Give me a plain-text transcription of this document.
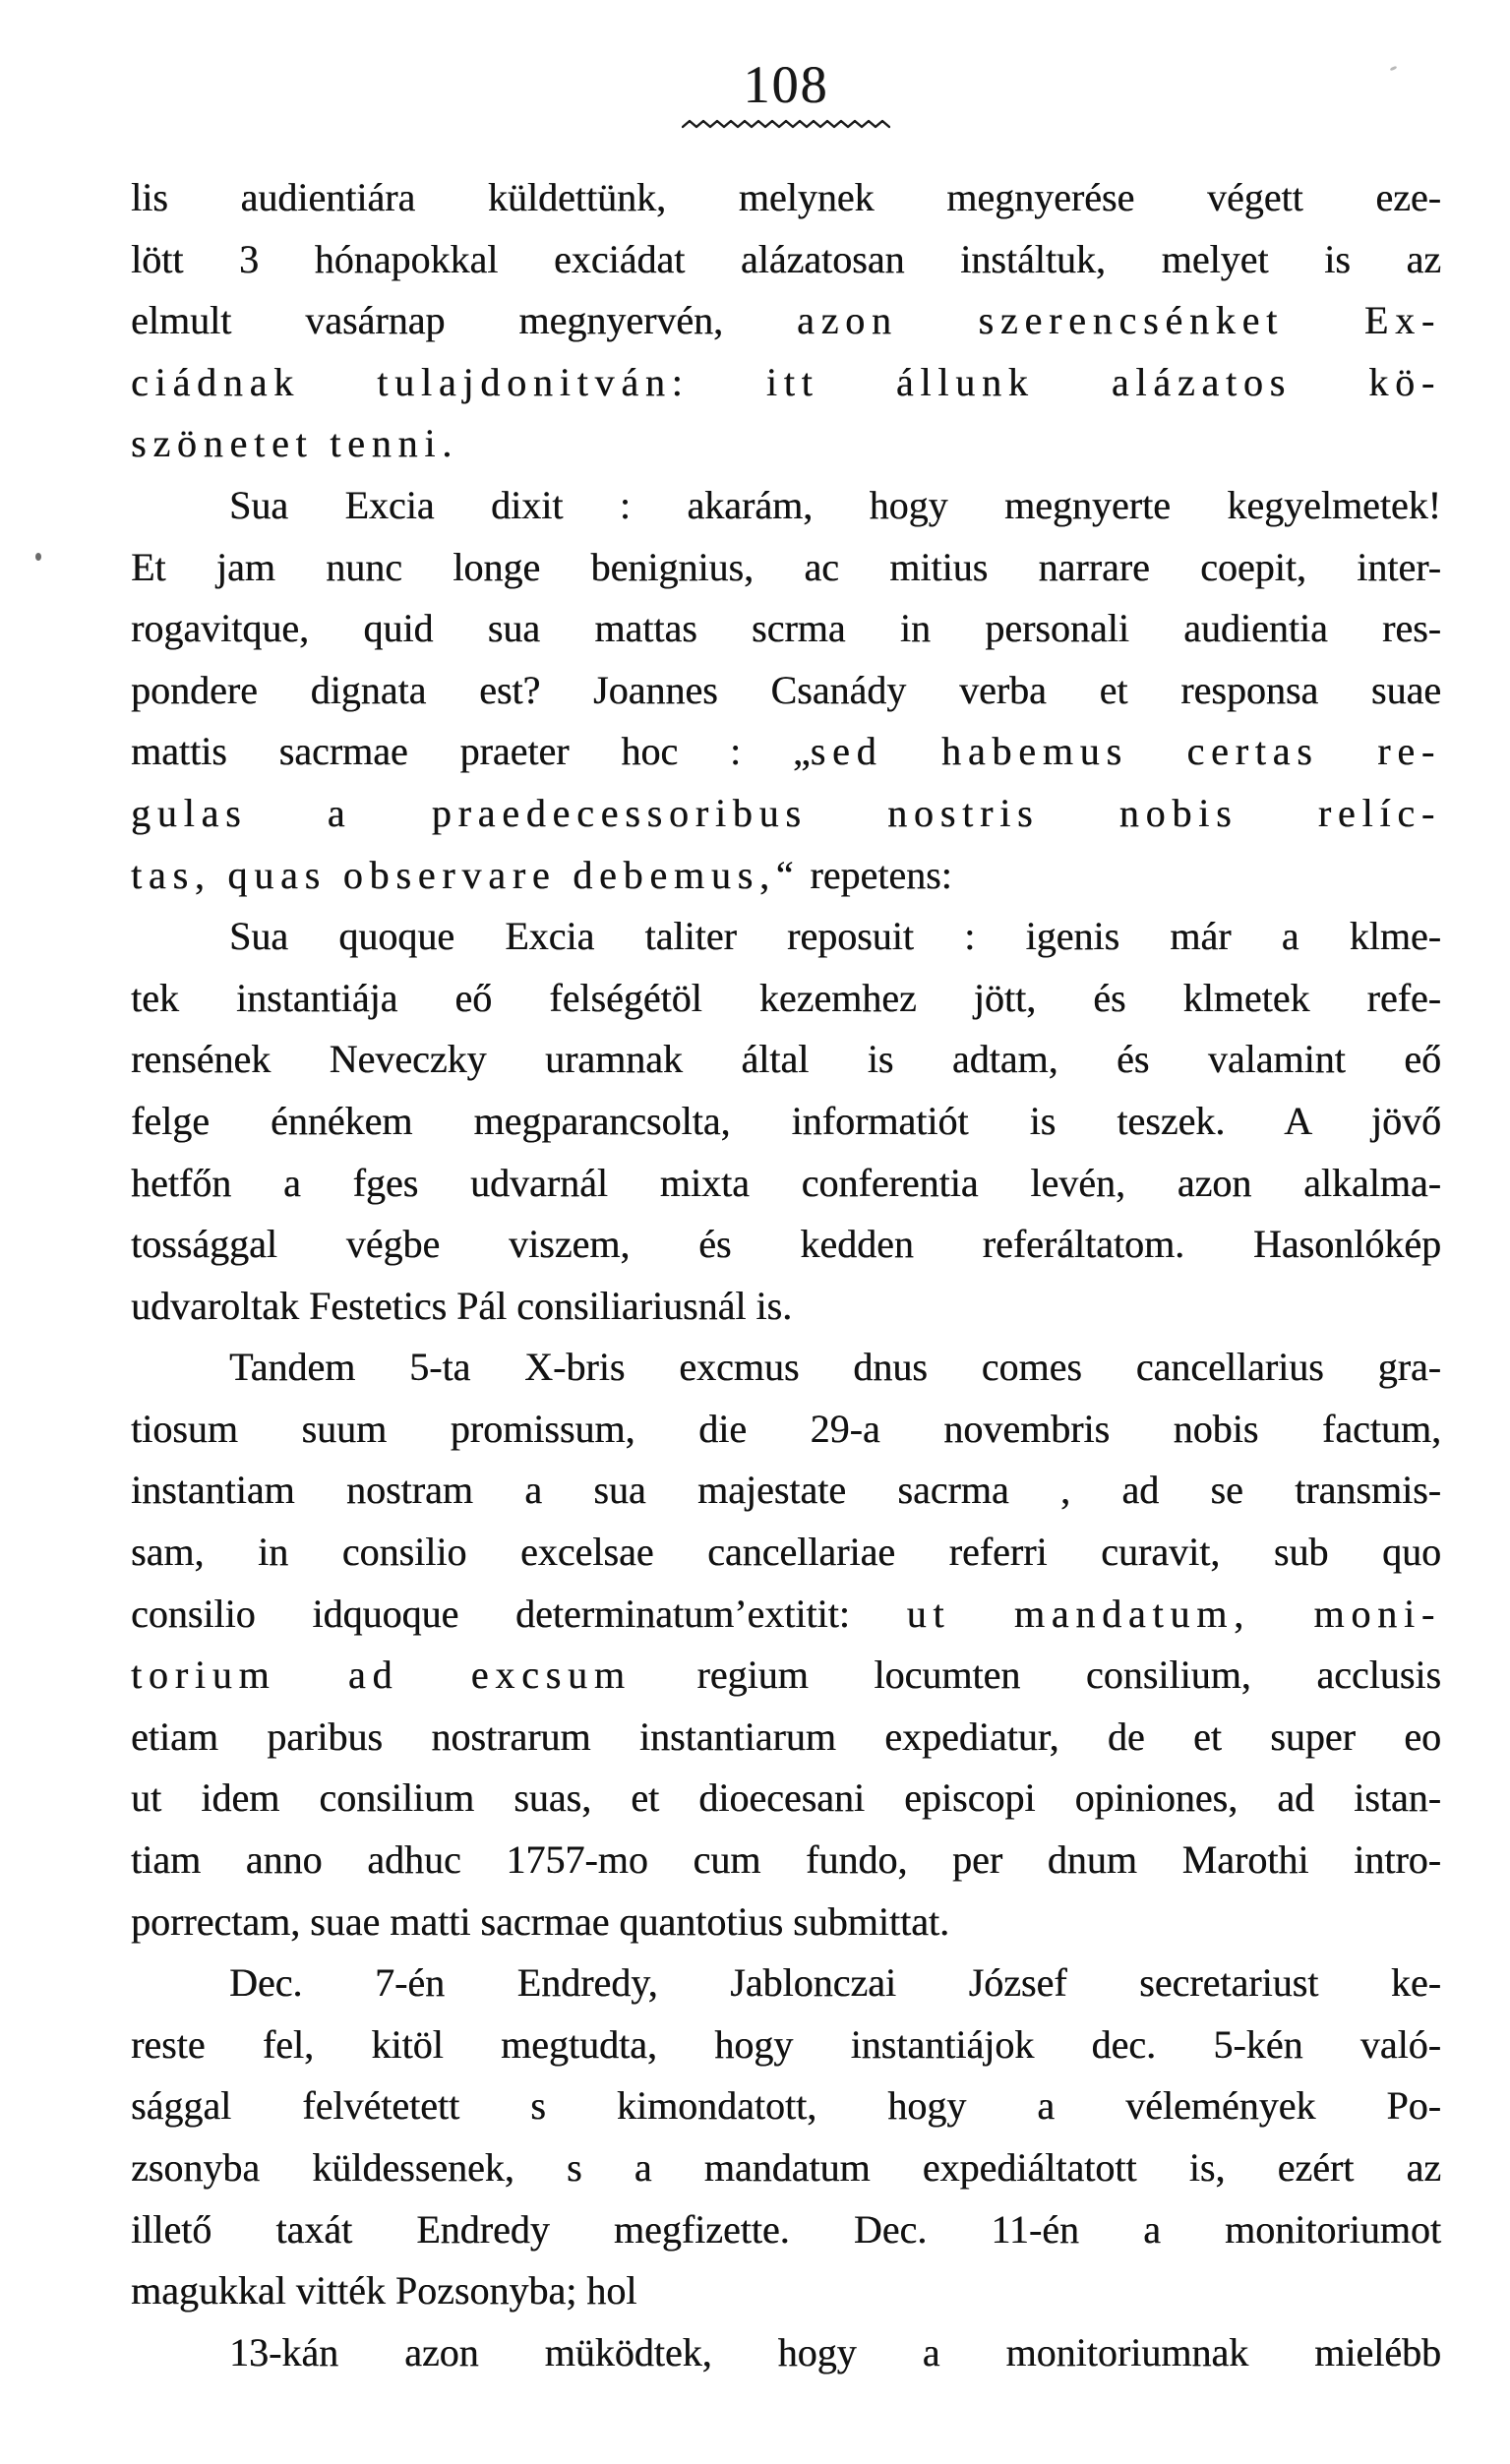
108
lis audientiára küldettünk, melynek megnyerése végett eze-
lött 3 hónapokkal exciádat alázatosan instáltuk, melyet is az
elmult vasárnap megnyervén, azon szerencsénket Ex-
ciádnak tulajdonitván: itt állunk alázatos kö-
szönetet tenni.
Sua Excia dixit : akarám, hogy megnyerte kegyelmetek!
Et jam nunc longe benignius, ac mitius narrare coepit, inter-
rogavitque, quid sua mattas scrma in personali audientia res-
pondere dignata est? Joannes Csanády verba et responsa suae
mattis sacrmae praeter hoc : „sed habemus certas re-
gulas a praedecessoribus nostris nobis relíc-
tas, quas observare debemus,“ repetens:
Sua quoque Excia taliter reposuit : igenis már a klme-
tek instantiája eő felségétöl kezemhez jött, és klmetek refe-
rensének Neveczky uramnak által is adtam, és valamint eő
felge énnékem megparancsolta, informatiót is teszek. A jövő
hetfőn a fges udvarnál mixta conferentia levén, azon alkalma-
tossággal végbe viszem, és kedden referáltatom. Hasonlókép
udvaroltak Festetics Pál consiliariusnál is.
Tandem 5-ta X-bris excmus dnus comes cancellarius gra-
tiosum suum promissum, die 29-a novembris nobis factum,
instantiam nostram a sua majestate sacrma , ad se transmis-
sam, in consilio excelsae cancellariae referri curavit, sub quo
consilio idquoque determinatum’extitit: ut mandatum, moni-
torium ad excsum regium locumten consilium, acclusis
etiam paribus nostrarum instantiarum expediatur, de et super eo
ut idem consilium suas, et dioecesani episcopi opiniones, ad istan-
tiam anno adhuc 1757-mo cum fundo, per dnum Marothi intro-
porrectam, suae matti sacrmae quantotius submittat.
Dec. 7-én Endredy, Jablonczai József secretariust ke-
reste fel, kitöl megtudta, hogy instantiájok dec. 5-kén való-
sággal felvétetett s kimondatott, hogy a vélemények Po-
zsonyba küldessenek, s a mandatum expediáltatott is, ezért az
illető taxát Endredy megfizette. Dec. 11-én a monitoriumot
magukkal vitték Pozsonyba; hol
13-kán azon müködtek, hogy a monitoriumnak mielébb
